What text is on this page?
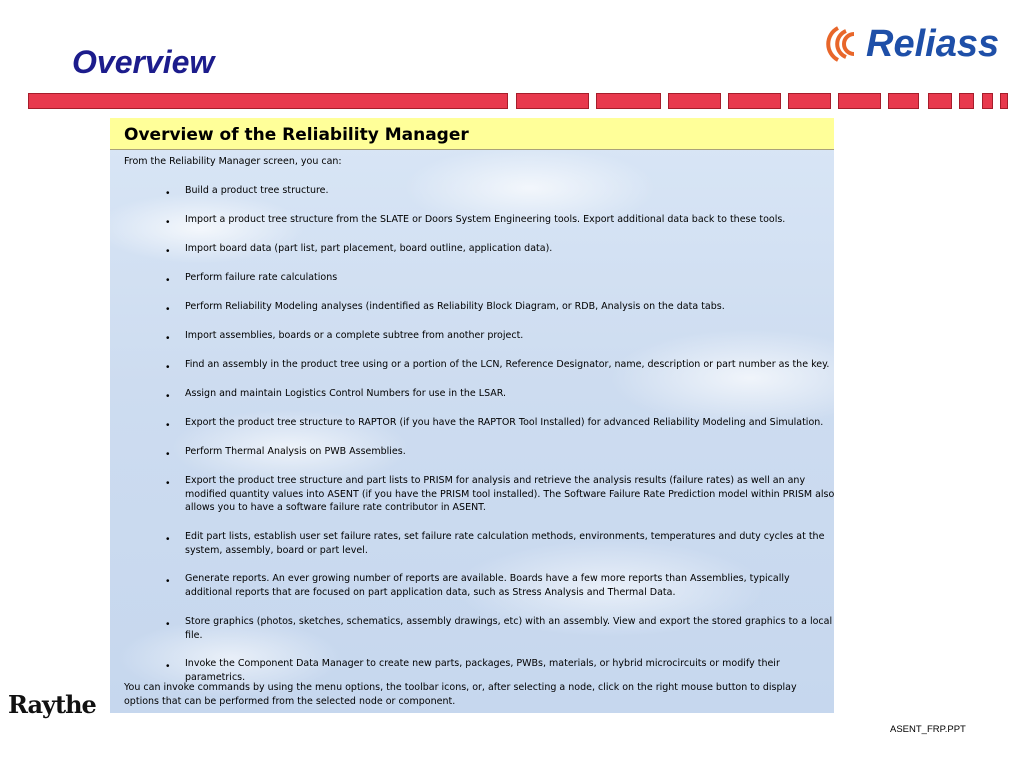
Overview	Reliass
Overview of the Reliability Manager
From the Reliability Manager screen, you can:
• Build a product tree structure.
• Import a product tree structure from the SLATE or Doors System Engineering tools. Export additional data back to these tools.
• Import board data (part list, part placement, board outline, application data).
• Perform failure rate calculations
• Perform Reliability Modeling analyses (indentified as Reliability Block Diagram, or RDB, Analysis on the data tabs.
• Import assemblies, boards or a complete subtree from another project.
• Find an assembly in the product tree using or a portion of the LCN, Reference Designator, name, description or part number as the key.
• Assign and maintain Logistics Control Numbers for use in the LSAR.
• Export the product tree structure to RAPTOR (if you have the RAPTOR Tool Installed) for advanced Reliability Modeling and Simulation.
• Perform Thermal Analysis on PWB Assemblies.
• Export the product tree structure and part lists to PRISM for analysis and retrieve the analysis results (failure rates) as well an any modified quantity values into ASENT (if you have the PRISM tool installed). The Software Failure Rate Prediction model within PRISM also allows you to have a software failure rate contributor in ASENT.
• Edit part lists, establish user set failure rates, set failure rate calculation methods, environments, temperatures and duty cycles at the system, assembly, board or part level.
• Generate reports. An ever growing number of reports are available. Boards have a few more reports than Assemblies, typically additional reports that are focused on part application data, such as Stress Analysis and Thermal Data.
• Store graphics (photos, sketches, schematics, assembly drawings, etc) with an assembly. View and export the stored graphics to a local file.
• Invoke the Component Data Manager to create new parts, packages, PWBs, materials, or hybrid microcircuits or modify their parametrics.
You can invoke commands by using the menu options, the toolbar icons, or, after selecting a node, click on the right mouse button to display options that can be performed from the selected node or component.
Raythe
ASENT_FRP.PPT
